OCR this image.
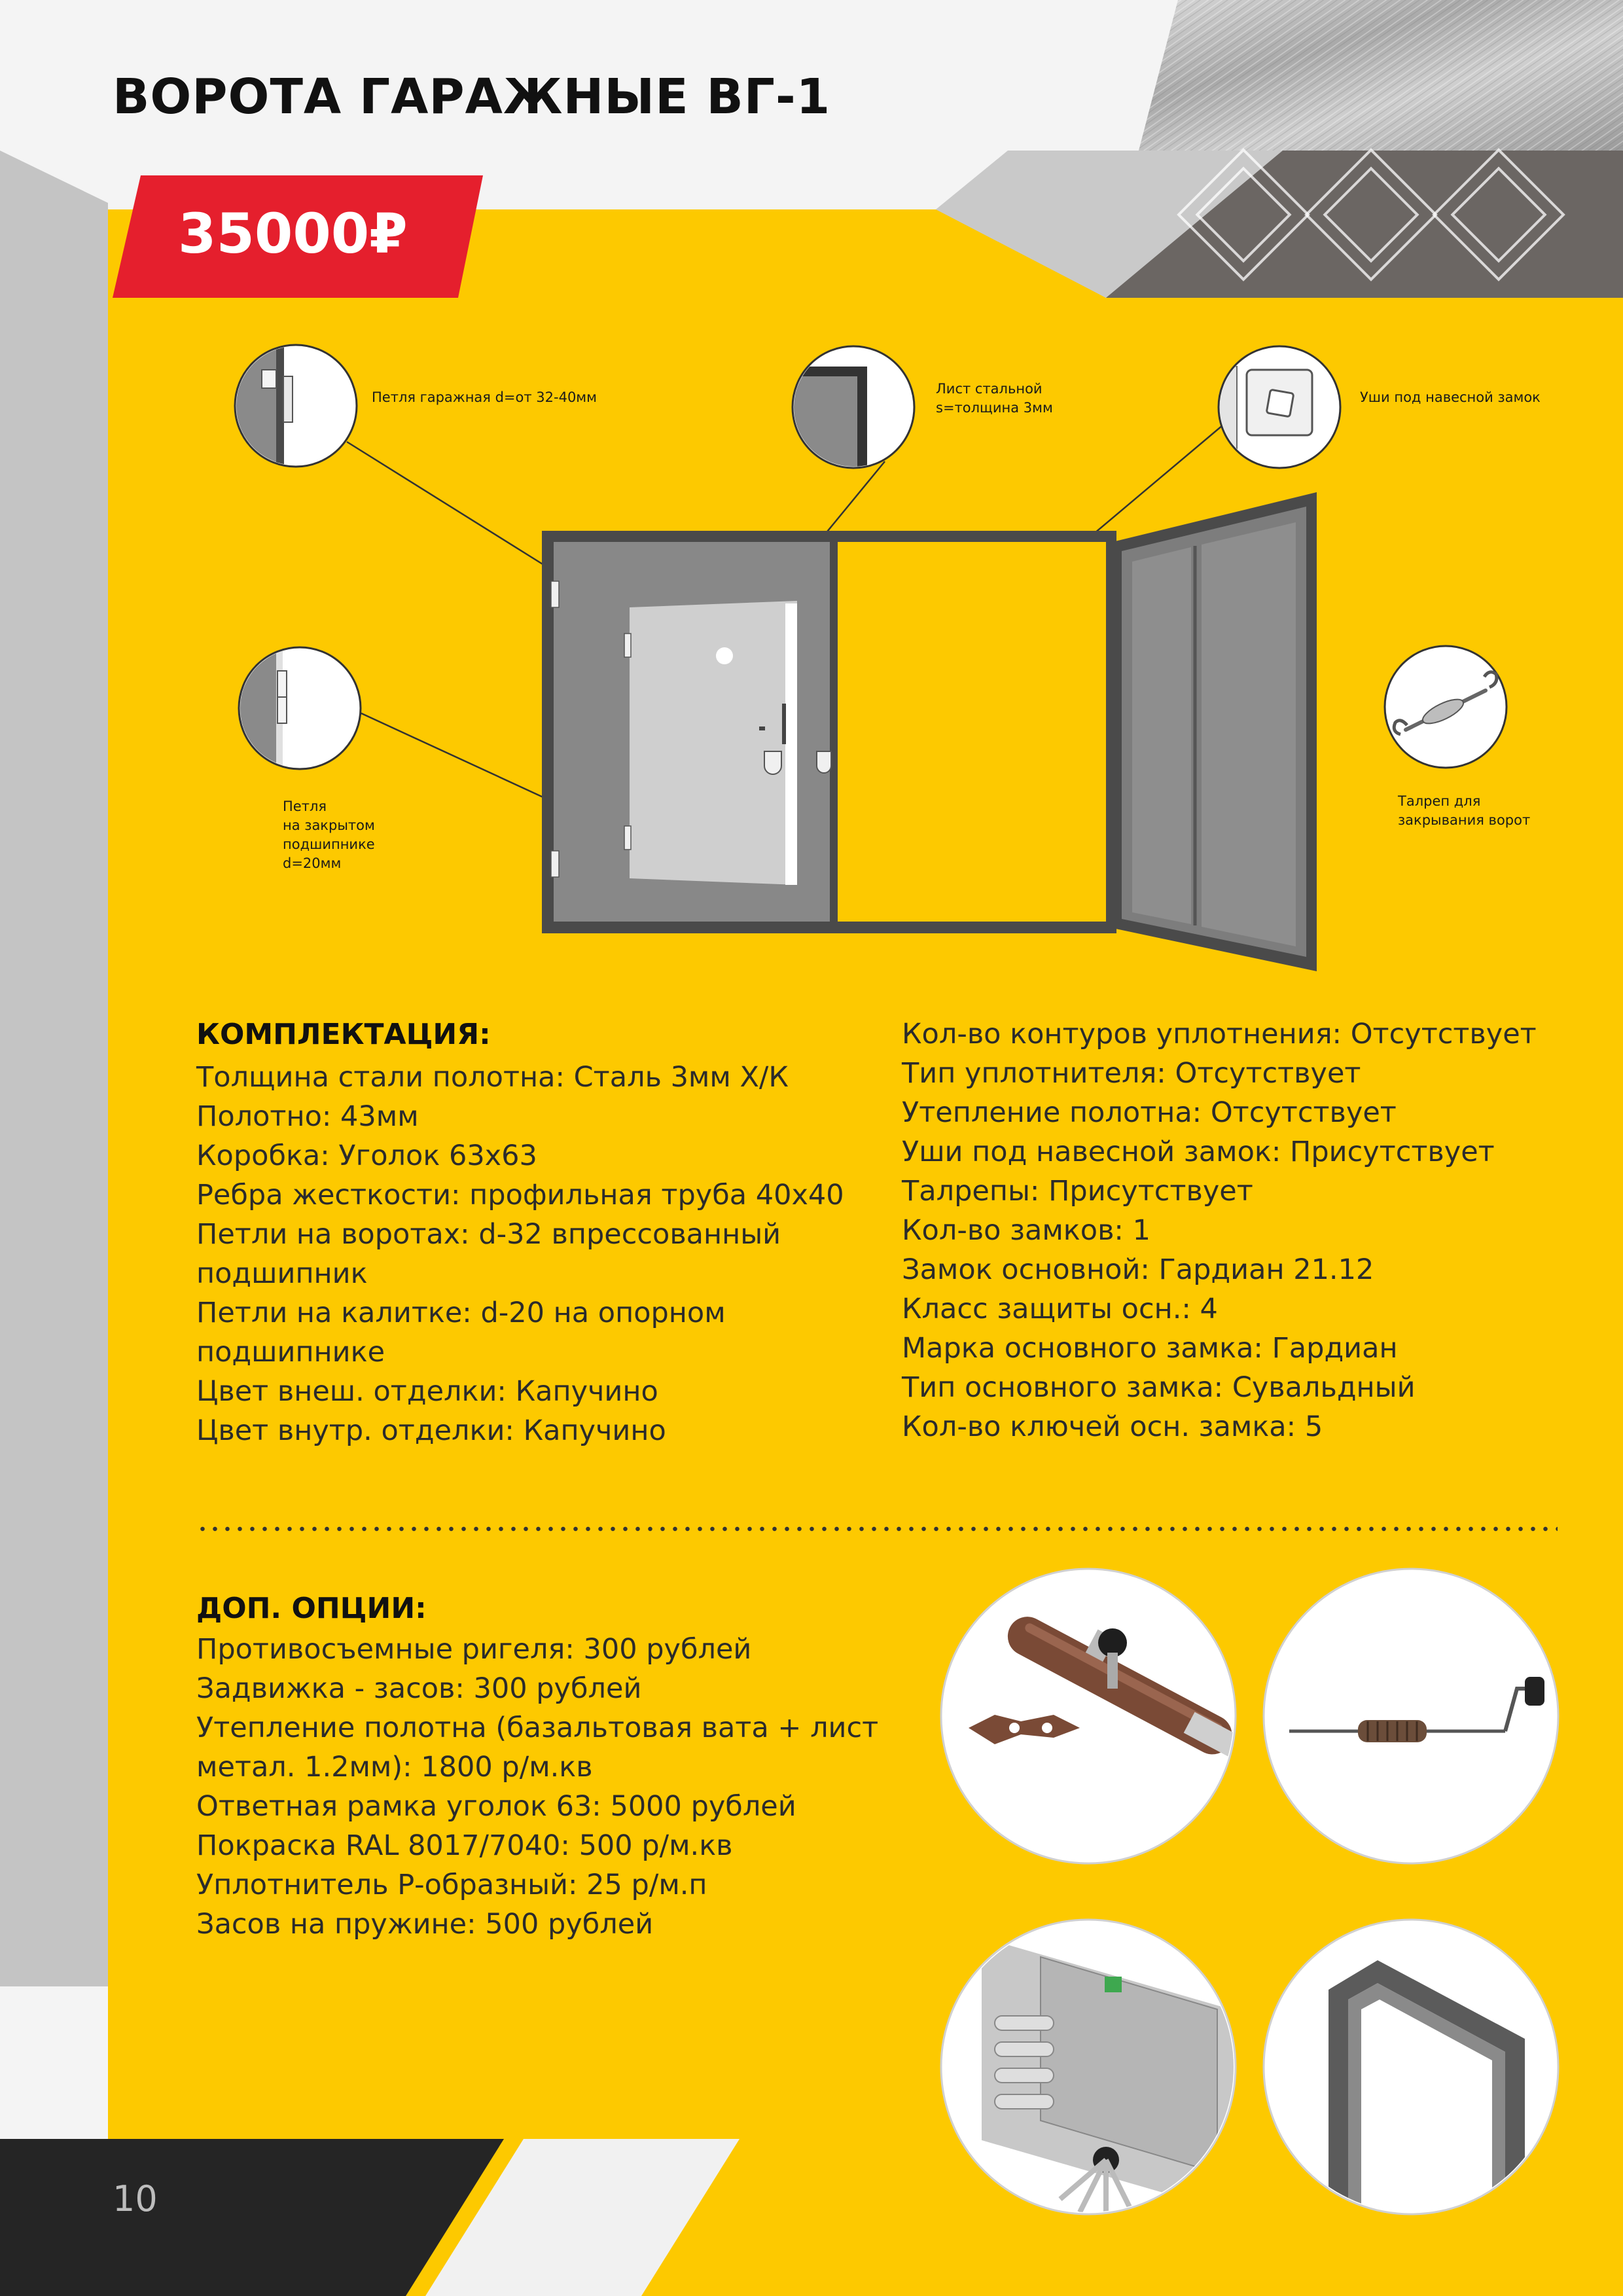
ВОРОТА ГАРАЖНЫЕ ВГ-1
35000₽
Петля гаражная d=от 32-40мм
Лист стальной
s=толщина 3мм
Уши под навесной замок
Петля
на закрытом
подшипнике
d=20мм
Талреп для
закрывания ворот
КОМПЛЕКТАЦИЯ:
Толщина стали полотна: Сталь 3мм Х/К
Полотно: 43мм
Коробка: Уголок 63х63
Ребра жесткости: профильная труба 40х40
Петли на воротах: d-32 впрессованный
подшипник
Петли на калитке: d-20 на опорном
подшипнике
Цвет внеш. отделки: Капучино
Цвет внутр. отделки: Капучино
Кол-во контуров уплотнения: Отсутствует
Тип уплотнителя: Отсутствует
Утепление полотна: Отсутствует
Уши под навесной замок: Присутствует
Талрепы: Присутствует
Кол-во замков: 1
Замок основной: Гардиан 21.12
Класс защиты осн.: 4
Марка основного замка: Гардиан
Тип основного замка: Сувальдный
Кол-во ключей осн. замка: 5
ДОП. ОПЦИИ:
Противосъемные ригеля: 300 рублей
Задвижка - засов: 300 рублей
Утепление полотна (базальтовая вата + лист
метал. 1.2мм): 1800 р/м.кв
Ответная рамка уголок 63: 5000 рублей
Покраска RAL 8017/7040: 500 р/м.кв
Уплотнитель Р-образный: 25 р/м.п
Засов на пружине: 500 рублей
10
